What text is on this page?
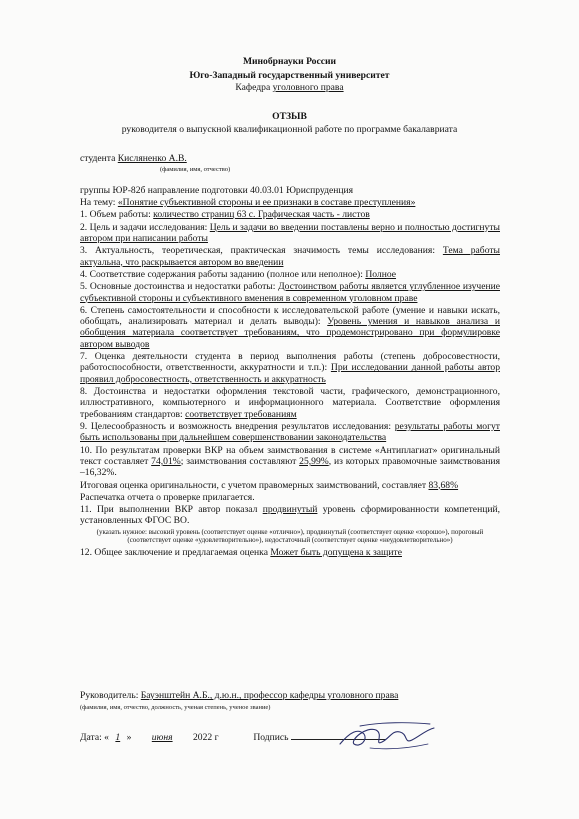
Минобрнауки России
Юго-Западный государственный университет
Кафедра уголовного права
ОТЗЫВ
руководителя о выпускной квалификационной работе по программе бакалавриата
студента Кисляненко А.В.
(фамилия, имя, отчество)
группы ЮР-82б направление подготовки 40.03.01 Юриспруденция
На тему: «Понятие субъективной стороны и ее признаки в составе преступления»
1. Объем работы: количество страниц 63 с. Графическая часть - листов
2. Цель и задачи исследования: Цель и задачи во введении поставлены верно и полностью достигнуты автором при написании работы
3. Актуальность, теоретическая, практическая значимость темы исследования: Тема работы актуальна, что раскрывается автором во введении
4. Соответствие содержания работы заданию (полное или неполное): Полное
5. Основные достоинства и недостатки работы: Достоинством работы является углубленное изучение субъективной стороны и субъективного вменения в современном уголовном праве
6. Степень самостоятельности и способности к исследовательской работе (умение и навыки искать, обобщать, анализировать материал и делать выводы): Уровень умения и навыков анализа и обобщения материала соответствует требованиям, что продемонстрировано при формулировке автором выводов
7. Оценка деятельности студента в период выполнения работы (степень добросовестности, работоспособности, ответственности, аккуратности и т.п.): При исследовании данной работы автор проявил добросовестность, ответственность и аккуратность
8. Достоинства и недостатки оформления текстовой части, графического, демонстрационного, иллюстративного, компьютерного и информационного материала. Соответствие оформления требованиям стандартов: соответствует требованиям
9. Целесообразность и возможность внедрения результатов исследования: результаты работы могут быть использованы при дальнейшем совершенствовании законодательства
10. По результатам проверки ВКР на объем заимствования в системе «Антиплагиат» оригинальный текст составляет 74,01%; заимствования составляют 25,99%, из которых правомочные заимствования –16,32%.
Итоговая оценка оригинальности, с учетом правомерных заимствований, составляет 83,68%
Распечатка отчета о проверке прилагается.
11. При выполнении ВКР автор показал продвинутый уровень сформированности компетенций, установленных ФГОС ВО.
(указать нужное: высокий уровень (соответствует оценке «отлично»), продвинутый (соответствует оценке «хорошо»), пороговый (соответствует оценке «удовлетворительно»), недостаточный (соответствует оценке «неудовлетворительно»)
12. Общее заключение и предлагаемая оценка Может быть допущена к защите
Руководитель: Бауэнштейн А.Б., д.ю.н., профессор кафедры уголовного права
(фамилия, имя, отчество, должность, ученая степень, ученое звание)
Дата: « 1 » июня 2022 г	Подпись
